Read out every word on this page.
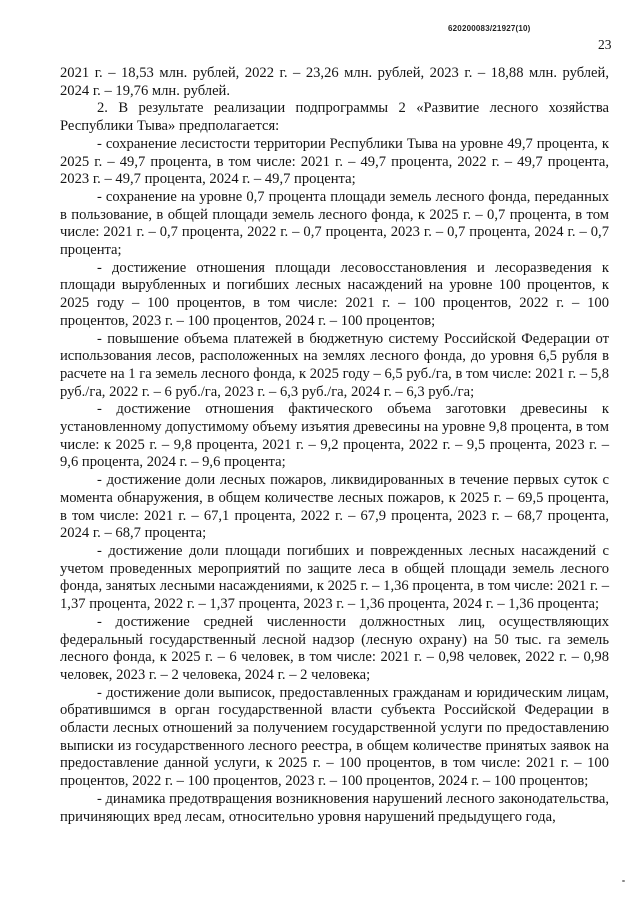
620200083/21927(10)
23

2021 г. – 18,53 млн. рублей, 2022 г. – 23,26 млн. рублей, 2023 г. – 18,88 млн. рублей, 2024 г. – 19,76 млн. рублей.

2. В результате реализации подпрограммы 2 «Развитие лесного хозяйства Республики Тыва» предполагается:

- сохранение лесистости территории Республики Тыва на уровне 49,7 процента, к 2025 г. – 49,7 процента, в том числе: 2021 г. – 49,7 процента, 2022 г. – 49,7 процента, 2023 г. – 49,7 процента, 2024 г. – 49,7 процента;

- сохранение на уровне 0,7 процента площади земель лесного фонда, переданных в пользование, в общей площади земель лесного фонда, к 2025 г. – 0,7 процента, в том числе: 2021 г. – 0,7 процента, 2022 г. – 0,7 процента, 2023 г. – 0,7 процента, 2024 г. – 0,7 процента;

- достижение отношения площади лесовосстановления и лесоразведения к площади вырубленных и погибших лесных насаждений на уровне 100 процентов, к 2025 году – 100 процентов, в том числе: 2021 г. – 100 процентов, 2022 г. – 100 процентов, 2023 г. – 100 процентов, 2024 г. – 100 процентов;

- повышение объема платежей в бюджетную систему Российской Федерации от использования лесов, расположенных на землях лесного фонда, до уровня 6,5 рубля в расчете на 1 га земель лесного фонда, к 2025 году – 6,5 руб./га, в том числе: 2021 г. – 5,8 руб./га, 2022 г. – 6 руб./га, 2023 г. – 6,3 руб./га, 2024 г. – 6,3 руб./га;

- достижение отношения фактического объема заготовки древесины к установленному допустимому объему изъятия древесины на уровне 9,8 процента, в том числе: к 2025 г. – 9,8 процента, 2021 г. – 9,2 процента, 2022 г. – 9,5 процента, 2023 г. – 9,6 процента, 2024 г. – 9,6 процента;

- достижение доли лесных пожаров, ликвидированных в течение первых суток с момента обнаружения, в общем количестве лесных пожаров, к 2025 г. – 69,5 процента, в том числе: 2021 г. – 67,1 процента, 2022 г. – 67,9 процента, 2023 г. – 68,7 процента, 2024 г. – 68,7 процента;

- достижение доли площади погибших и поврежденных лесных насаждений с учетом проведенных мероприятий по защите леса в общей площади земель лесного фонда, занятых лесными насаждениями, к 2025 г. – 1,36 процента, в том числе: 2021 г. – 1,37 процента, 2022 г. – 1,37 процента, 2023 г. – 1,36 процента, 2024 г. – 1,36 процента;

- достижение средней численности должностных лиц, осуществляющих федеральный государственный лесной надзор (лесную охрану) на 50 тыс. га земель лесного фонда, к 2025 г. – 6 человек, в том числе: 2021 г. – 0,98 человек, 2022 г. – 0,98 человек, 2023 г. – 2 человека, 2024 г. – 2 человека;

- достижение доли выписок, предоставленных гражданам и юридическим лицам, обратившимся в орган государственной власти субъекта Российской Федерации в области лесных отношений за получением государственной услуги по предоставлению выписки из государственного лесного реестра, в общем количестве принятых заявок на предоставление данной услуги, к 2025 г. – 100 процентов, в том числе: 2021 г. – 100 процентов, 2022 г. – 100 процентов, 2023 г. – 100 процентов, 2024 г. – 100 процентов;

- динамика предотвращения возникновения нарушений лесного законодательства, причиняющих вред лесам, относительно уровня нарушений предыдущего года,
